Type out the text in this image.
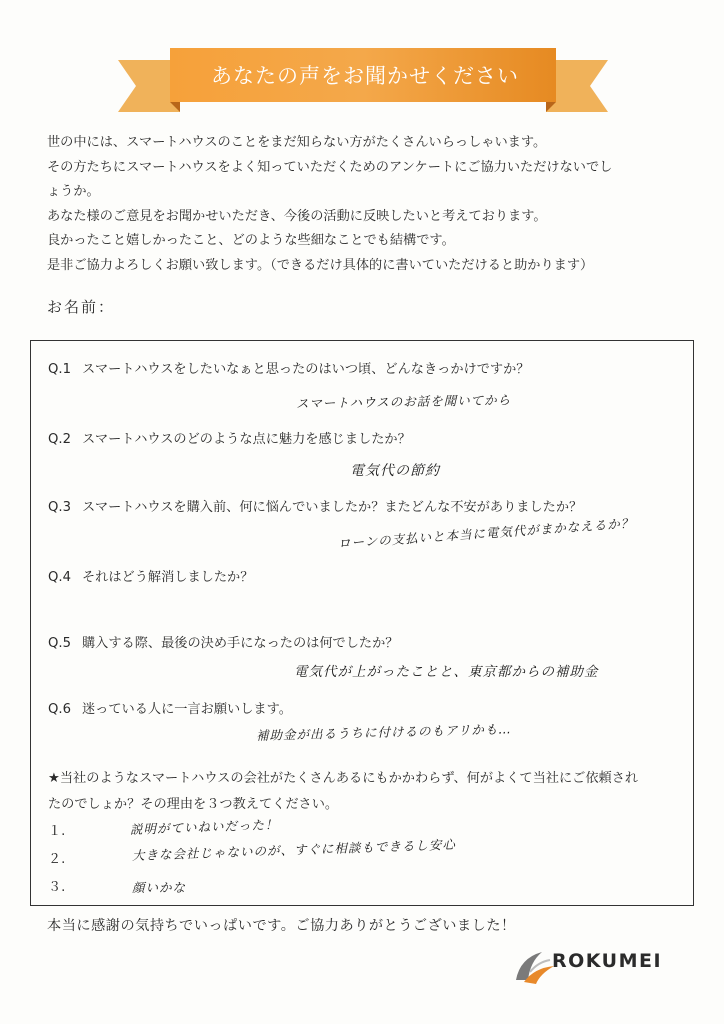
あなたの声をお聞かせください

世の中には、スマートハウスのことをまだ知らない方がたくさんいらっしゃいます。

その方たちにスマートハウスをよく知っていただくためのアンケートにご協力いただけないでし

ょうか。

あなた様のご意見をお聞かせいただき、今後の活動に反映したいと考えております。

良かったこと嬉しかったこと、どのような些細なことでも結構です。

是非ご協力よろしくお願い致します。（できるだけ具体的に書いていただけると助かります）

お名前：
Q.1 スマートハウスをしたいなぁと思ったのはいつ頃、どんなきっかけですか？
スマートハウスのお話を聞いてから
Q.2 スマートハウスのどのような点に魅力を感じましたか？
電気代の節約
Q.3 スマートハウスを購入前、何に悩んでいましたか？またどんな不安がありましたか？
ローンの支払いと本当に電気代がまかなえるか？
Q.4 それはどう解消しましたか？
Q.5 購入する際、最後の決め手になったのは何でしたか？
電気代が上がったことと、東京都からの補助金
Q.6 迷っている人に一言お願いします。
補助金が出るうちに付けるのもアリかも…

★当社のようなスマートハウスの会社がたくさんあるにもかかわらず、何がよくて当社にご依頼され

たのでしょか？その理由を３つ教えてください。

１.	説明がていねいだった！
２.	大きな会社じゃないのが、すぐに相談もできるし安心
３.	顔いかな
本当に感謝の気持ちでいっぱいです。ご協力ありがとうございました！
ROKUMEI
